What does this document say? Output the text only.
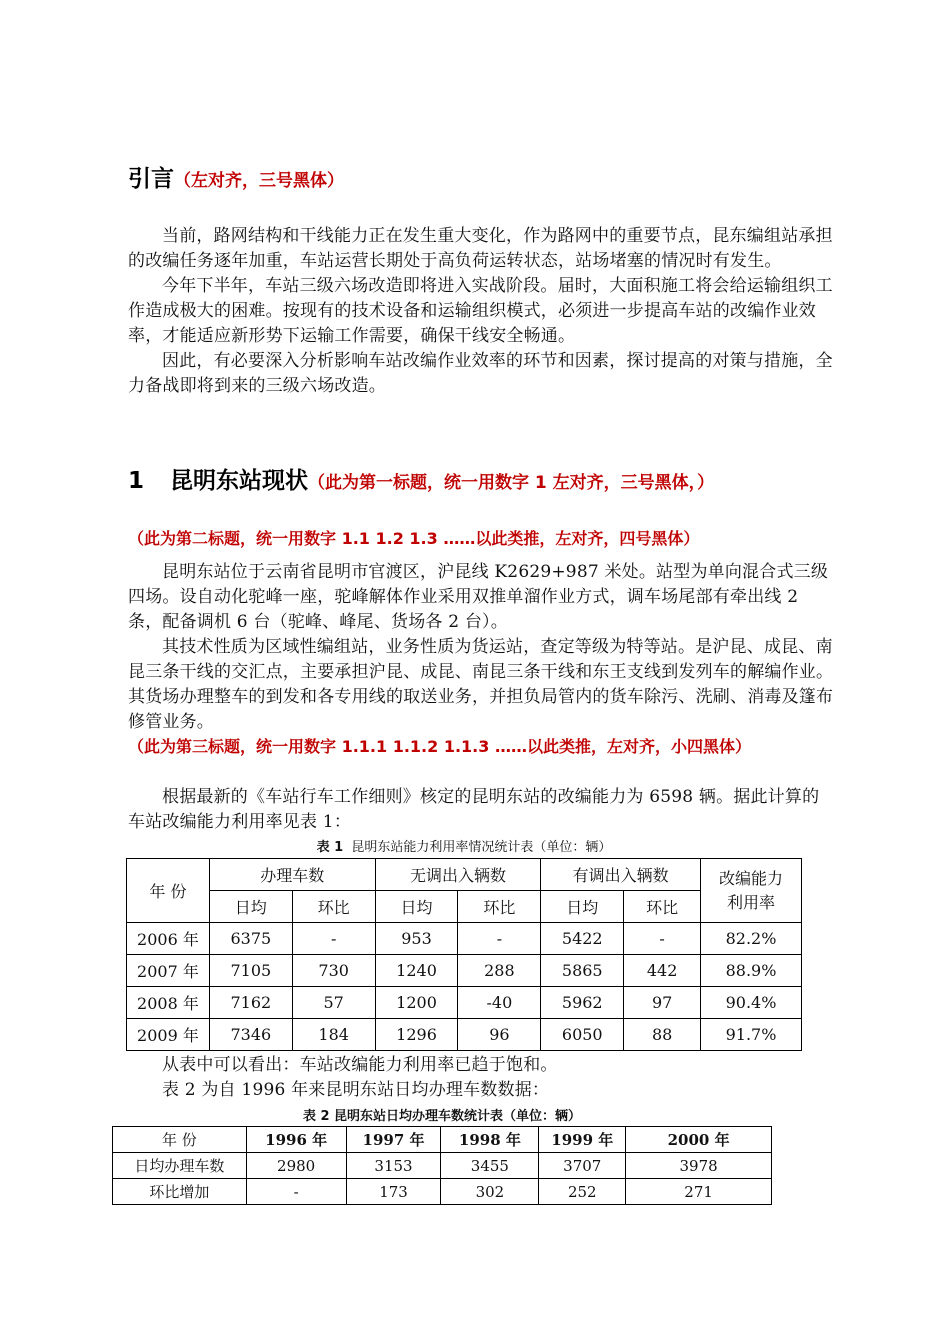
引言（左对齐，三号黑体）

当前，路网结构和干线能力正在发生重大变化，作为路网中的重要节点，昆东编组站承担的改编任务逐年加重，车站运营长期处于高负荷运转状态，站场堵塞的情况时有发生。

今年下半年，车站三级六场改造即将进入实战阶段。届时，大面积施工将会给运输组织工作造成极大的困难。按现有的技术设备和运输组织模式，必须进一步提高车站的改编作业效率，才能适应新形势下运输工作需要，确保干线安全畅通。

因此，有必要深入分析影响车站改编作业效率的环节和因素，探讨提高的对策与措施，全力备战即将到来的三级六场改造。

1 昆明东站现状（此为第一标题，统一用数字 1 左对齐，三号黑体，）
（此为第二标题，统一用数字 1.1 1.2 1.3 ……以此类推，左对齐，四号黑体）

昆明东站位于云南省昆明市官渡区，沪昆线 K2629+987 米处。站型为单向混合式三级四场。设自动化驼峰一座，驼峰解体作业采用双推单溜作业方式，调车场尾部有牵出线 2 条，配备调机 6 台（驼峰、峰尾、货场各 2 台）。

其技术性质为区域性编组站，业务性质为货运站，查定等级为特等站。是沪昆、成昆、南昆三条干线的交汇点，主要承担沪昆、成昆、南昆三条干线和东王支线到发列车的解编作业。其货场办理整车的到发和各专用线的取送业务，并担负局管内的货车除污、洗刷、消毒及篷布修管业务。

（此为第三标题，统一用数字 1.1.1 1.1.2 1.1.3 ……以此类推，左对齐，小四黑体）

根据最新的《车站行车工作细则》核定的昆明东站的改编能力为 6598 辆。据此计算的车站改编能力利用率见表 1：

表 1 昆明东站能力利用率情况统计表（单位：辆）
年 份	办理车数		无调出入辆数		有调出入辆数		改编能力利用率
	日均	环比	日均	环比	日均	环比	
2006 年	6375	-	953	-	5422	-	82.2%
2007 年	7105	730	1240	288	5865	442	88.9%
2008 年	7162	57	1200	-40	5962	97	90.4%
2009 年	7346	184	1296	96	6050	88	91.7%

从表中可以看出：车站改编能力利用率已趋于饱和。

表 2 为自 1996 年来昆明东站日均办理车数数据：

表 2 昆明东站日均办理车数统计表（单位：辆）
年 份	1996 年	1997 年	1998 年	1999 年	2000 年
日均办理车数	2980	3153	3455	3707	3978
环比增加	-	173	302	252	271
